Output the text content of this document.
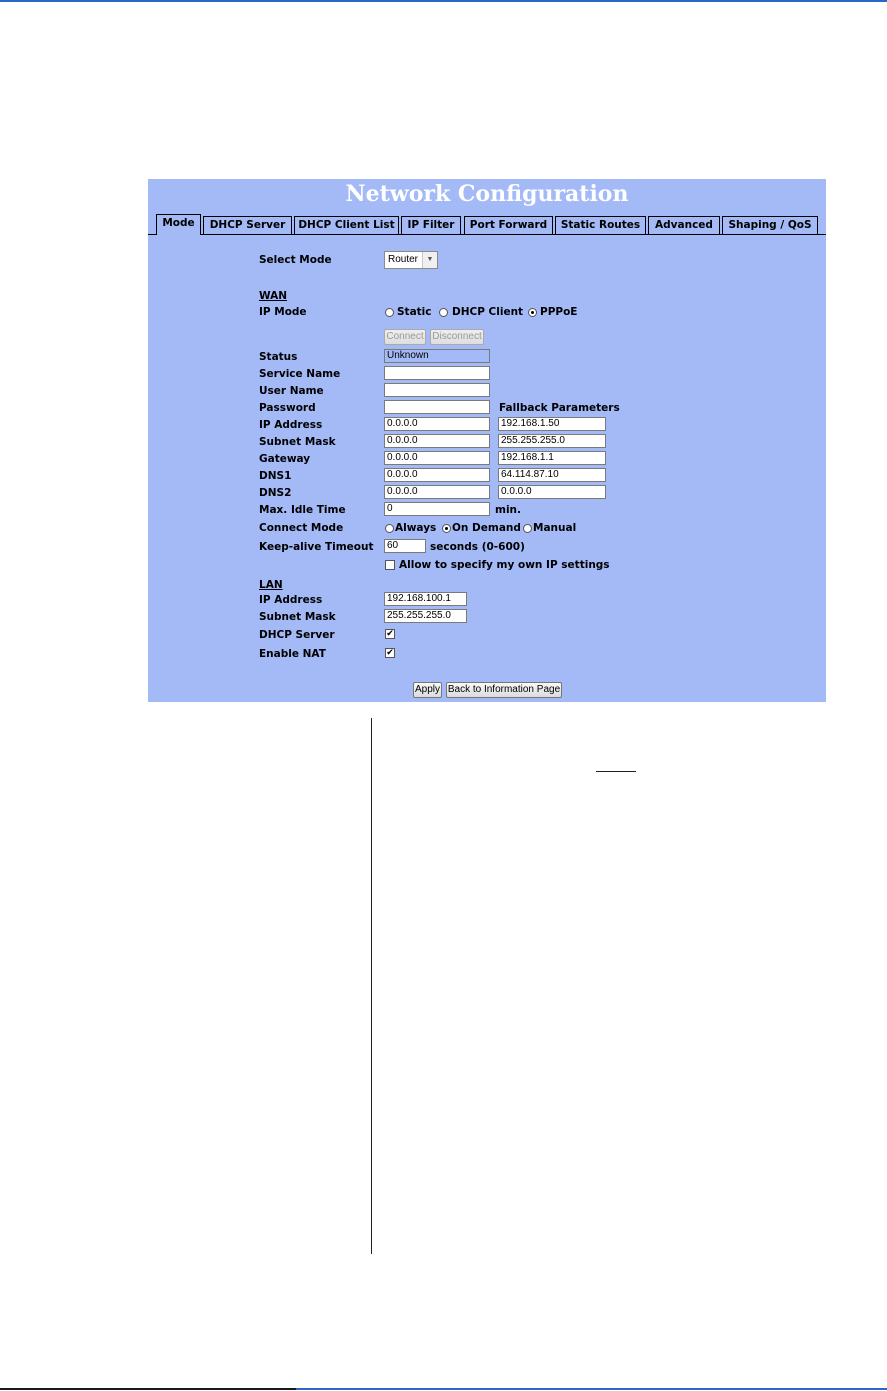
Network Configuration
Mode	DHCP Server	DHCP Client List	IP Filter	Port Forward	Static Routes	Advanced	Shaping / QoS
Select Mode	Router	▼
WAN
IP Mode	Static DHCP Client PPPoE
Connect Disconnect
Status	Unknown
Service Name
User Name
Password	Fallback Parameters
IP Address	0.0.0.0	192.168.1.50
Subnet Mask	0.0.0.0	255.255.255.0
Gateway	0.0.0.0	192.168.1.1
DNS1	0.0.0.0	64.114.87.10
DNS2	0.0.0.0	0.0.0.0
Max. Idle Time	0	min.
Connect Mode	Always On Demand Manual
Keep-alive Timeout	60	seconds (0-600)
Allow to specify my own IP settings
LAN
IP Address	192.168.100.1
Subnet Mask	255.255.255.0
DHCP Server	✔
Enable NAT	✔
Apply Back to Information Page
